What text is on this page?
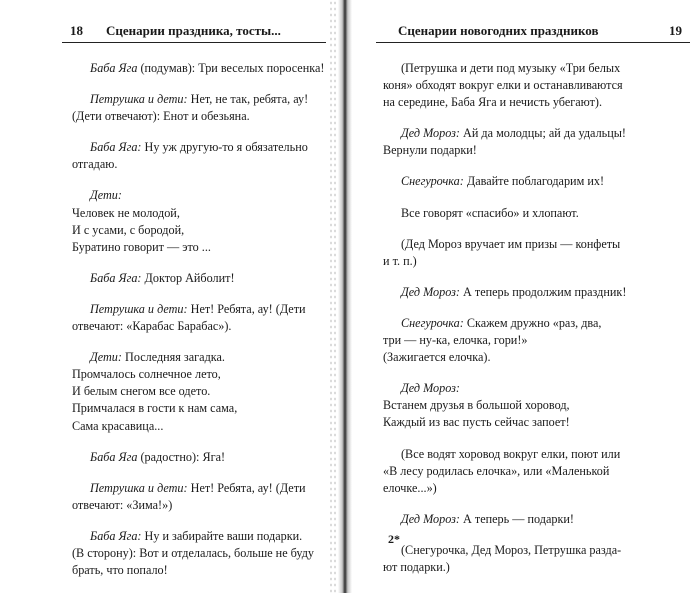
18 Сценарии праздника, тосты...
Баба Яга (подумав): Три веселых поросенка!
Петрушка и дети: Нет, не так, ребята, ау!
(Дети отвечают): Енот и обезьяна.
Баба Яга: Ну уж другую-то я обязательно
отгадаю.
Дети:
Человек не молодой,
И с усами, с бородой,
Буратино говорит — это ...
Баба Яга: Доктор Айболит!
Петрушка и дети: Нет! Ребята, ау! (Дети
отвечают: «Карабас Барабас»).
Дети: Последняя загадка.
Промчалось солнечное лето,
И белым снегом все одето.
Примчалася в гости к нам сама,
Сама красавица...
Баба Яга (радостно): Яга!
Петрушка и дети: Нет! Ребята, ау! (Дети
отвечают: «Зима!»)
Баба Яга: Ну и забирайте ваши подарки.
(В сторону): Вот и отделалась, больше не буду
брать, что попало!
Сценарии новогодних праздников	19
(Петрушка и дети под музыку «Три белых
коня» обходят вокруг елки и останавливаются
на середине, Баба Яга и нечисть убегают).
Дед Мороз: Ай да молодцы; ай да удальцы!
Вернули подарки!
Снегурочка: Давайте поблагодарим их!
Все говорят «спасибо» и хлопают.
(Дед Мороз вручает им призы — конфеты
и т. п.)
Дед Мороз: А теперь продолжим праздник!
Снегурочка: Скажем дружно «раз, два,
три — ну-ка, елочка, гори!»
(Зажигается елочка).
Дед Мороз:
Встанем друзья в большой хоровод,
Каждый из вас пусть сейчас запоет!
(Все водят хоровод вокруг елки, поют или
«В лесу родилась елочка», или «Маленькой
елочке...»)
Дед Мороз: А теперь — подарки!
(Снегурочка, Дед Мороз, Петрушка разда-
ют подарки.)
2*
